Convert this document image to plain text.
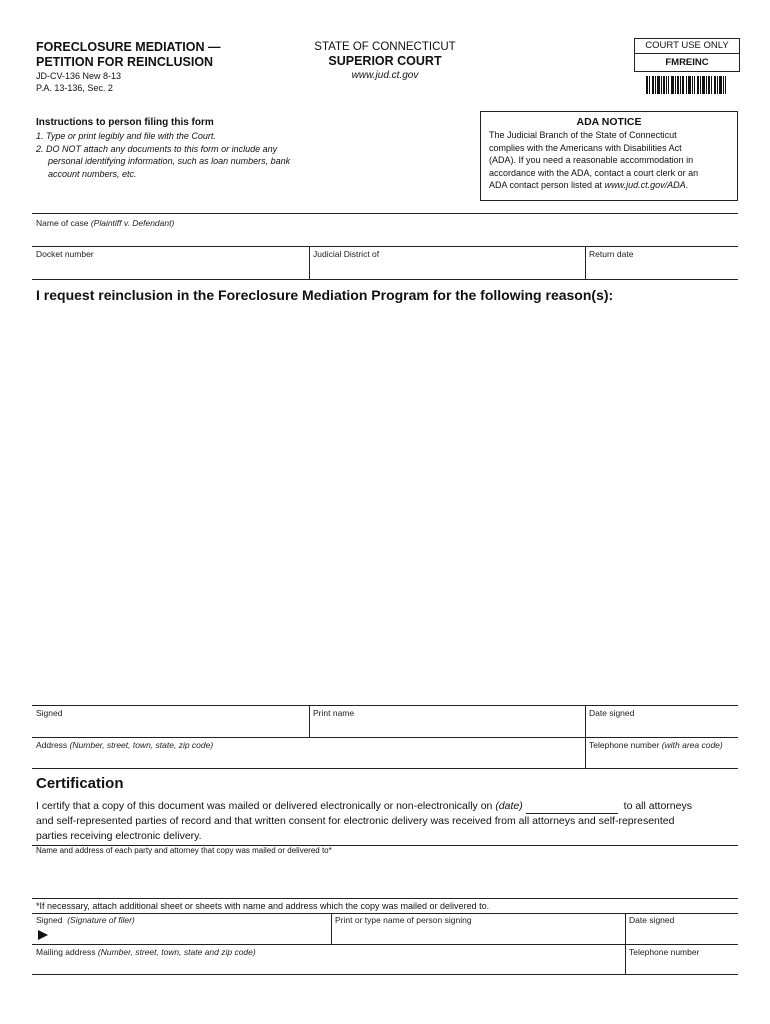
FORECLOSURE MEDIATION —
PETITION FOR REINCLUSION
JD-CV-136 New 8-13
P.A. 13-136, Sec. 2
STATE OF CONNECTICUT
SUPERIOR COURT
www.jud.ct.gov
COURT USE ONLY
FMREINC
Instructions to person filing this form
1. Type or print legibly and file with the Court.
2. DO NOT attach any documents to this form or include any
personal identifying information, such as loan numbers, bank
account numbers, etc.
ADA NOTICE
The Judicial Branch of the State of Connecticut
complies with the Americans with Disabilities Act
(ADA). If you need a reasonable accommodation in
accordance with the ADA, contact a court clerk or an
ADA contact person listed at www.jud.ct.gov/ADA.
Name of case (Plaintiff v. Defendant)
Docket number	Judicial District of	Return date
I request reinclusion in the Foreclosure Mediation Program for the following reason(s):
Signed	Print name	Date signed
Address (Number, street, town, state, zip code)	Telephone number (with area code)
Certification
I certify that a copy of this document was mailed or delivered electronically or non-electronically on (date)	to all attorneys
and self-represented parties of record and that written consent for electronic delivery was received from all attorneys and self-represented
parties receiving electronic delivery.
Name and address of each party and attorney that copy was mailed or delivered to*
*If necessary, attach additional sheet or sheets with name and address which the copy was mailed or delivered to.
Signed (Signature of filer)	Print or type name of person signing	Date signed
Mailing address (Number, street, town, state and zip code)	Telephone number
